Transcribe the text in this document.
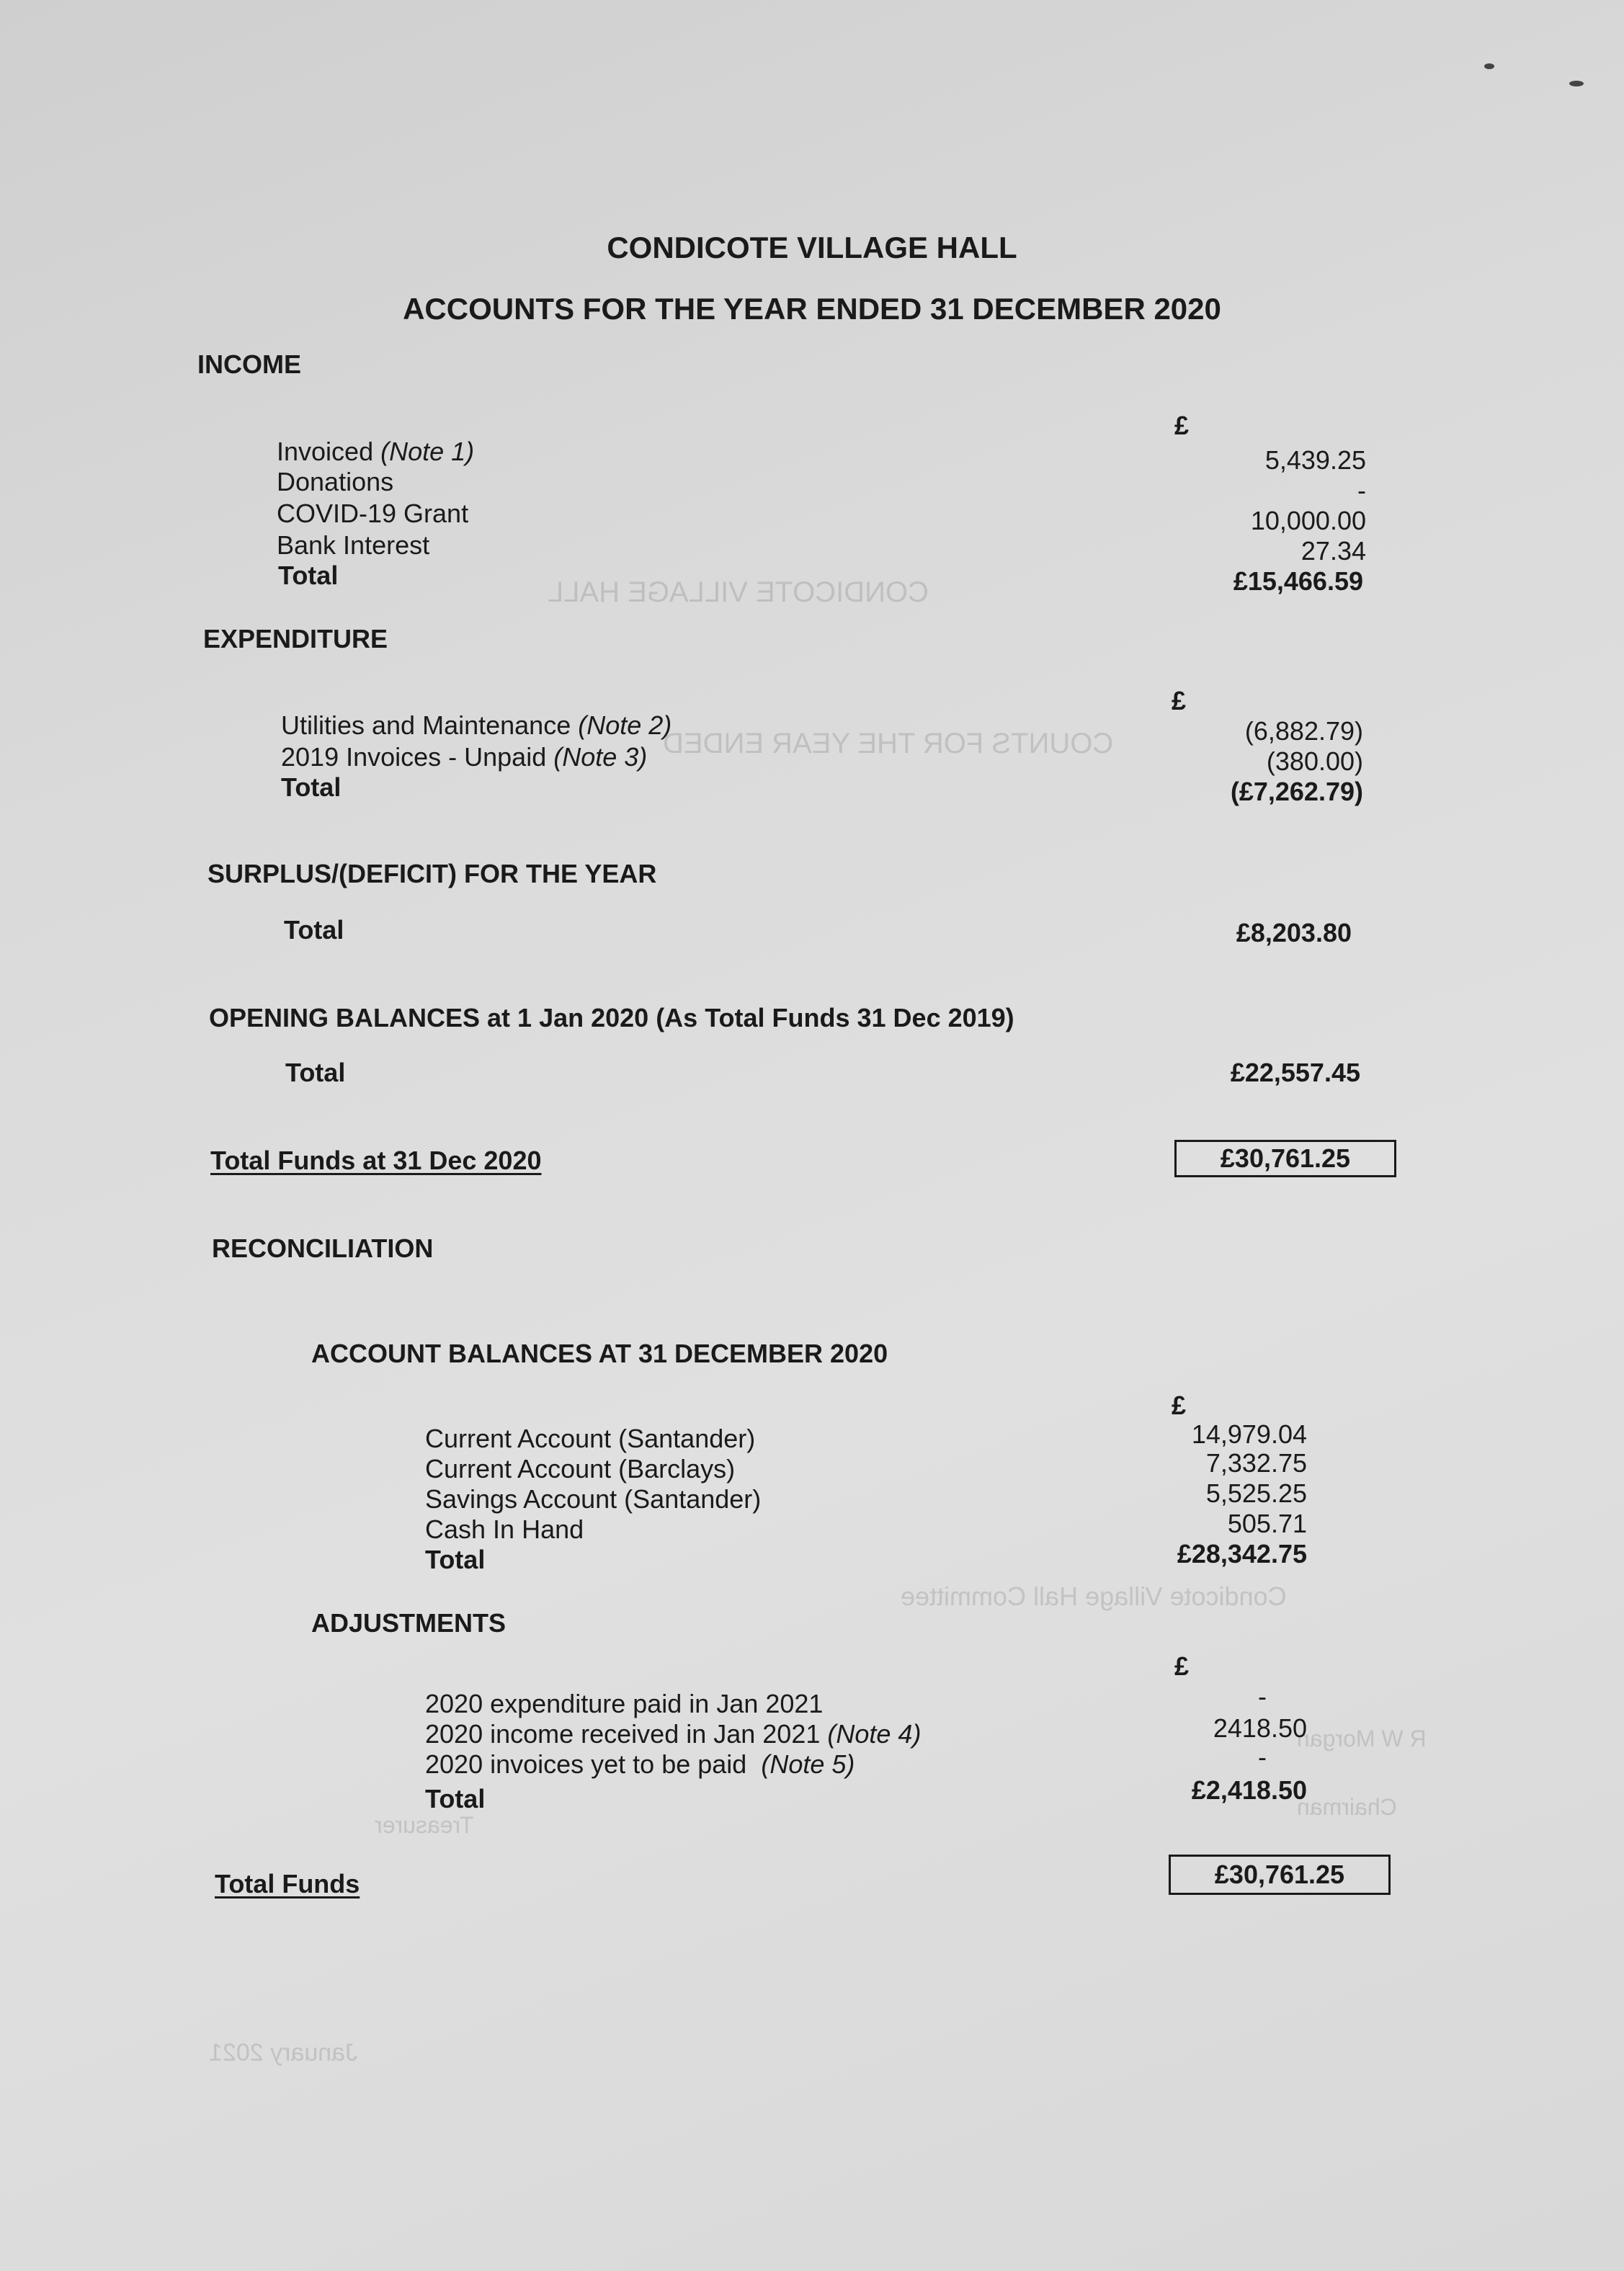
CONDICOTE VILLAGE HALL
COUNTS FOR THE YEAR ENDED
Condicote Village Hall Committee
R W Morgan
Chairman
Treasurer
January 2021
CONDICOTE VILLAGE HALL
ACCOUNTS FOR THE YEAR ENDED 31 DECEMBER 2020
INCOME
£
Invoiced (Note 1)	5,439.25
Donations	-
COVID-19 Grant	10,000.00
Bank Interest	27.34
Total	£15,466.59
EXPENDITURE
£
Utilities and Maintenance (Note 2)	(6,882.79)
2019 Invoices - Unpaid (Note 3)	(380.00)
Total	(£7,262.79)
SURPLUS/(DEFICIT) FOR THE YEAR
Total	£8,203.80
OPENING BALANCES at 1 Jan 2020 (As Total Funds 31 Dec 2019)
Total	£22,557.45
Total Funds at 31 Dec 2020	£30,761.25
RECONCILIATION
ACCOUNT BALANCES AT 31 DECEMBER 2020
£
Current Account (Santander)	14,979.04
Current Account (Barclays)	7,332.75
Savings Account (Santander)	5,525.25
Cash In Hand	505.71
Total	£28,342.75
ADJUSTMENTS
£
2020 expenditure paid in Jan 2021	-
2020 income received in Jan 2021 (Note 4)	2418.50
2020 invoices yet to be paid (Note 5)	-
Total	£2,418.50
Total Funds	£30,761.25
